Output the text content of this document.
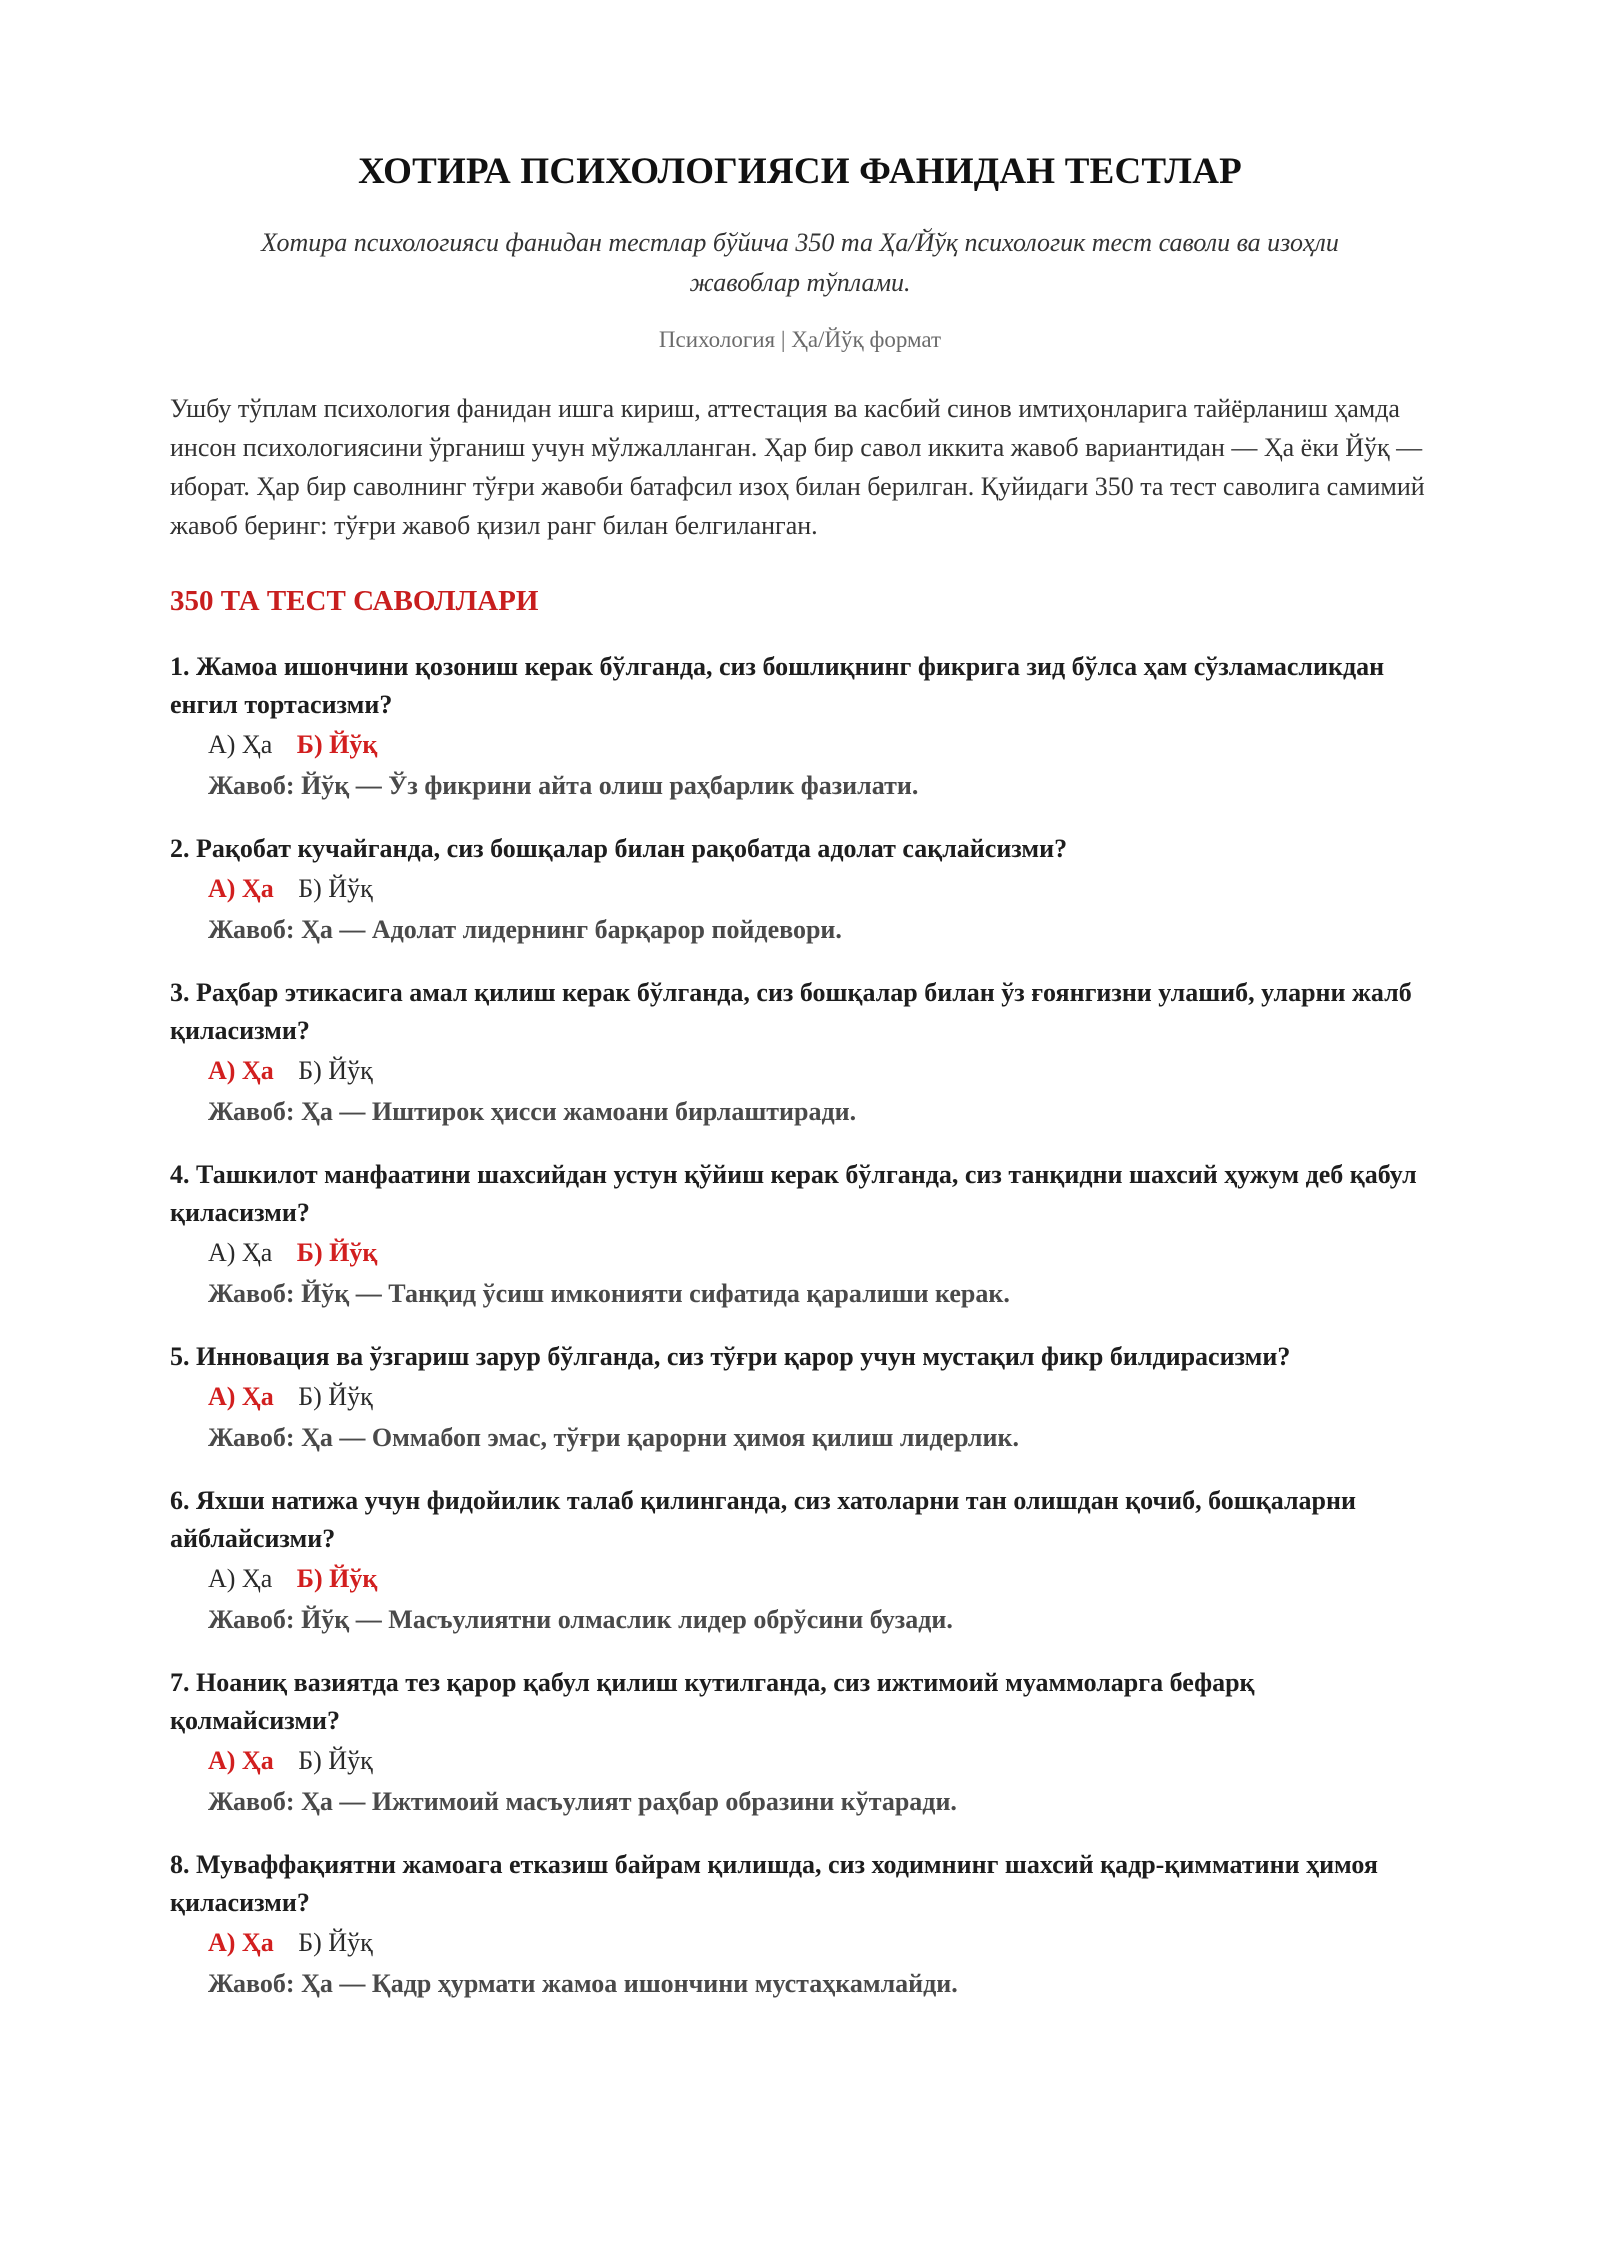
ХОТИРА ПСИХОЛОГИЯСИ ФАНИДАН ТЕСТЛАР
Хотира психологияси фанидан тестлар бўйича 350 та Ҳа/Йўқ психологик тест саволи ва изоҳли жавоблар тўплами.
Психология | Ҳа/Йўқ формат
Ушбу тўплам психология фанидан ишга кириш, аттестация ва касбий синов имтиҳонларига тайёрланиш ҳамда инсон психологиясини ўрганиш учун мўлжалланган. Ҳар бир савол иккита жавоб вариантидан — Ҳа ёки Йўқ — иборат. Ҳар бир саволнинг тўғри жавоби батафсил изоҳ билан берилган. Қуйидаги 350 та тест саволига самимий жавоб беринг: тўғри жавоб қизил ранг билан белгиланган.
350 ТА ТЕСТ САВОЛЛАРИ
1. Жамоа ишончини қозониш керак бўлганда, сиз бошлиқнинг фикрига зид бўлса ҳам сўзламасликдан енгил тортасизми?
А) Ҳа Б) Йўқ
Жавоб: Йўқ — Ўз фикрини айта олиш раҳбарлик фазилати.
2. Рақобат кучайганда, сиз бошқалар билан рақобатда адолат сақлайсизми?
А) Ҳа Б) Йўқ
Жавоб: Ҳа — Адолат лидернинг барқарор пойдевори.
3. Раҳбар этикасига амал қилиш керак бўлганда, сиз бошқалар билан ўз ғоянгизни улашиб, уларни жалб қиласизми?
А) Ҳа Б) Йўқ
Жавоб: Ҳа — Иштирок ҳисси жамоани бирлаштиради.
4. Ташкилот манфаатини шахсийдан устун қўйиш керак бўлганда, сиз танқидни шахсий ҳужум деб қабул қиласизми?
А) Ҳа Б) Йўқ
Жавоб: Йўқ — Танқид ўсиш имконияти сифатида қаралиши керак.
5. Инновация ва ўзгариш зарур бўлганда, сиз тўғри қарор учун мустақил фикр билдирасизми?
А) Ҳа Б) Йўқ
Жавоб: Ҳа — Оммабоп эмас, тўғри қарорни ҳимоя қилиш лидерлик.
6. Яхши натижа учун фидойилик талаб қилинганда, сиз хатоларни тан олишдан қочиб, бошқаларни айблайсизми?
А) Ҳа Б) Йўқ
Жавоб: Йўқ — Масъулиятни олмаслик лидер обрўсини бузади.
7. Ноаниқ вазиятда тез қарор қабул қилиш кутилганда, сиз ижтимоий муаммоларга бефарқ қолмайсизми?
А) Ҳа Б) Йўқ
Жавоб: Ҳа — Ижтимоий масъулият раҳбар образини кўтаради.
8. Муваффақиятни жамоага етказиш байрам қилишда, сиз ходимнинг шахсий қадр-қимматини ҳимоя қиласизми?
А) Ҳа Б) Йўқ
Жавоб: Ҳа — Қадр ҳурмати жамоа ишончини мустаҳкамлайди.
